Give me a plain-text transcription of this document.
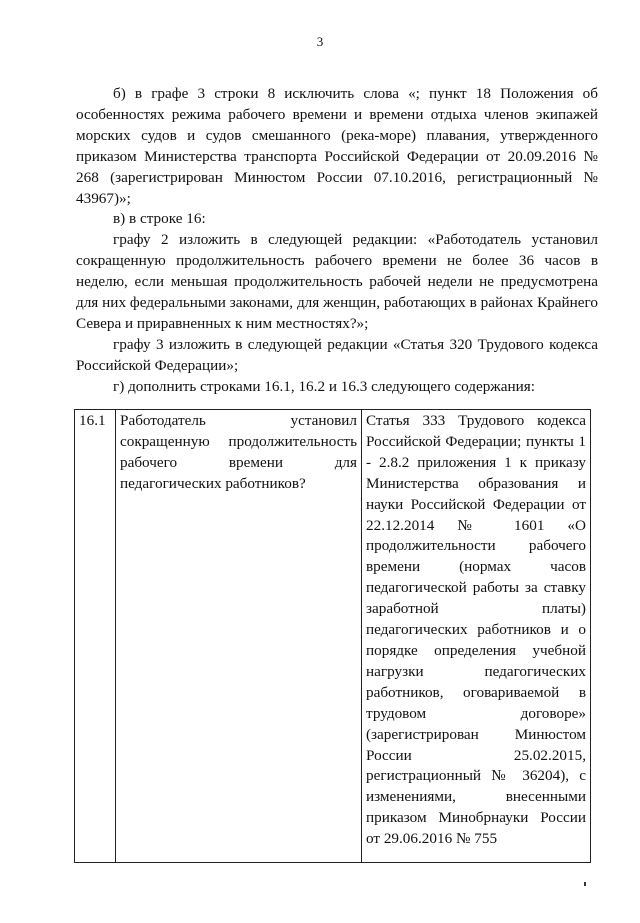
3

б) в графе 3 строки 8 исключить слова «; пункт 18 Положения об особенностях режима рабочего времени и времени отдыха членов экипажей морских судов и судов смешанного (река-море) плавания, утвержденного приказом Министерства транспорта Российской Федерации от 20.09.2016 № 268 (зарегистрирован Минюстом России 07.10.2016, регистрационный № 43967)»;

в) в строке 16:

графу 2 изложить в следующей редакции: «Работодатель установил сокращенную продолжительность рабочего времени не более 36 часов в неделю, если меньшая продолжительность рабочей недели не предусмотрена для них федеральными законами, для женщин, работающих в районах Крайнего Севера и приравненных к ним местностях?»;

графу 3 изложить в следующей редакции «Статья 320 Трудового кодекса Российской Федерации»;

г) дополнить строками 16.1, 16.2 и 16.3 следующего содержания:

16.1	Работодатель установил сокращенную продолжительность рабочего времени для педагогических работников?	Статья 333 Трудового кодекса Российской Федерации; пункты 1 - 2.8.2 приложения 1 к приказу Министерства образования и науки Российской Федерации от 22.12.2014 № 1601 «О продолжительности рабочего времени (нормах часов педагогической работы за ставку заработной платы) педагогических работников и о порядке определения учебной нагрузки педагогических работников, оговариваемой в трудовом договоре» (зарегистрирован Минюстом России 25.02.2015, регистрационный № 36204), с изменениями, внесенными приказом Минобрнауки России от 29.06.2016 № 755
